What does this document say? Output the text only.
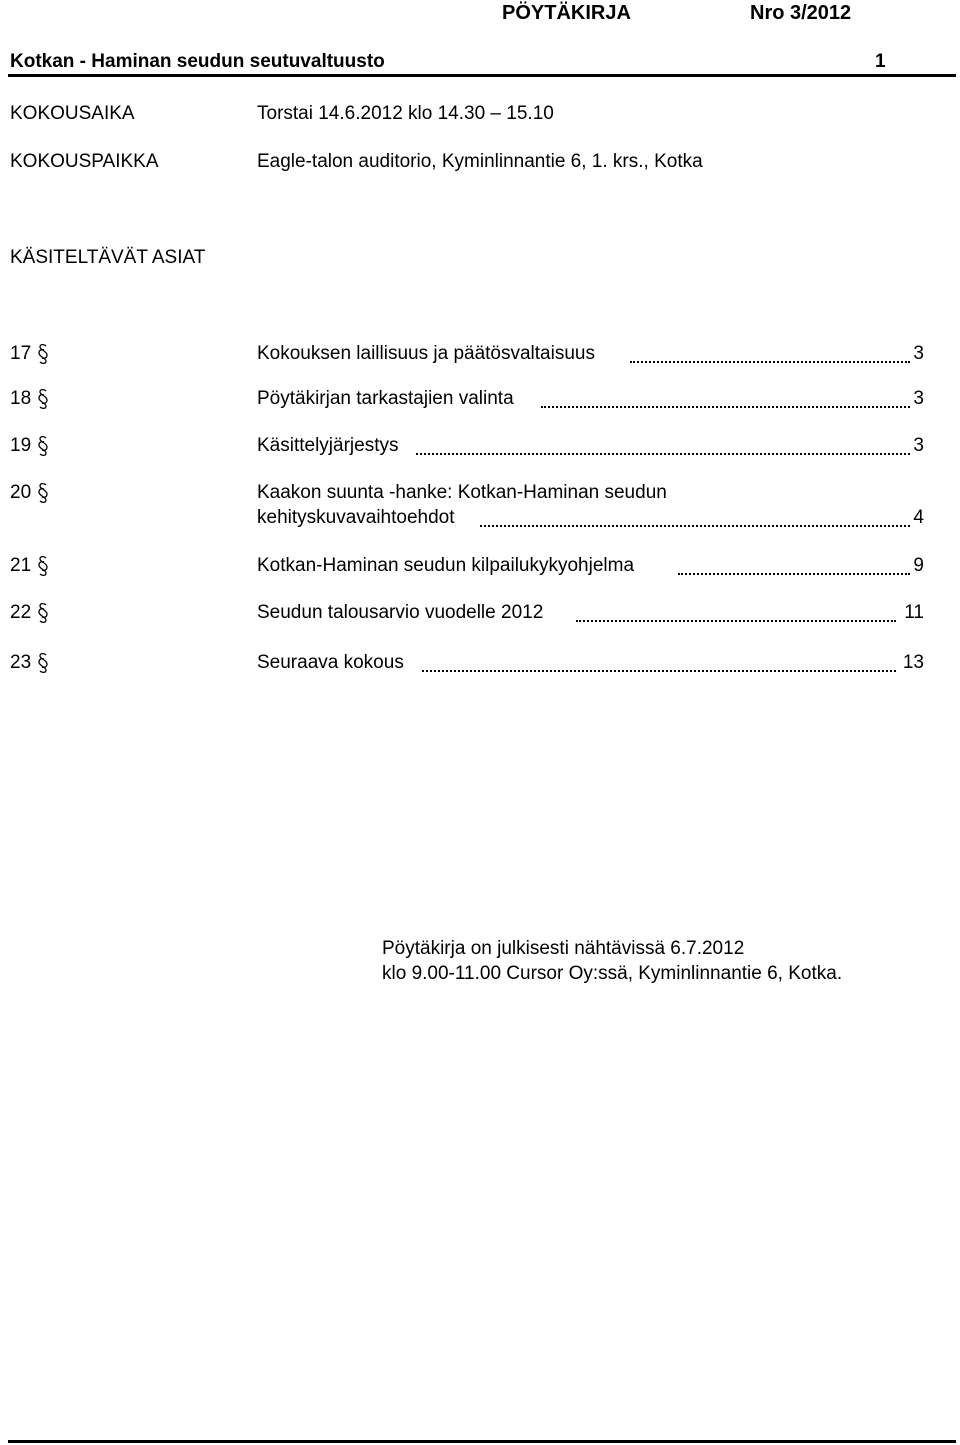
PÖYTÄKIRJA	Nro 3/2012
Kotkan - Haminan seudun seutuvaltuusto	1
KOKOUSAIKA	Torstai 14.6.2012 klo 14.30 – 15.10
KOKOUSPAIKKA	Eagle-talon auditorio, Kyminlinnantie 6, 1. krs., Kotka
KÄSITELTÄVÄT ASIAT
17	Kokouksen laillisuus ja päätösvaltaisuus	3
18	Pöytäkirjan tarkastajien valinta	3
19	Käsittelyjärjestys	3
20	Kaakon suunta -hanke: Kotkan-Haminan seudun
kehityskuvavaihtoehdot	4
21	Kotkan-Haminan seudun kilpailukykyohjelma	9
22	Seudun talousarvio vuodelle 2012	11
23	Seuraava kokous	13
Pöytäkirja on julkisesti nähtävissä 6.7.2012
klo 9.00-11.00 Cursor Oy:ssä, Kyminlinnantie 6, Kotka.
